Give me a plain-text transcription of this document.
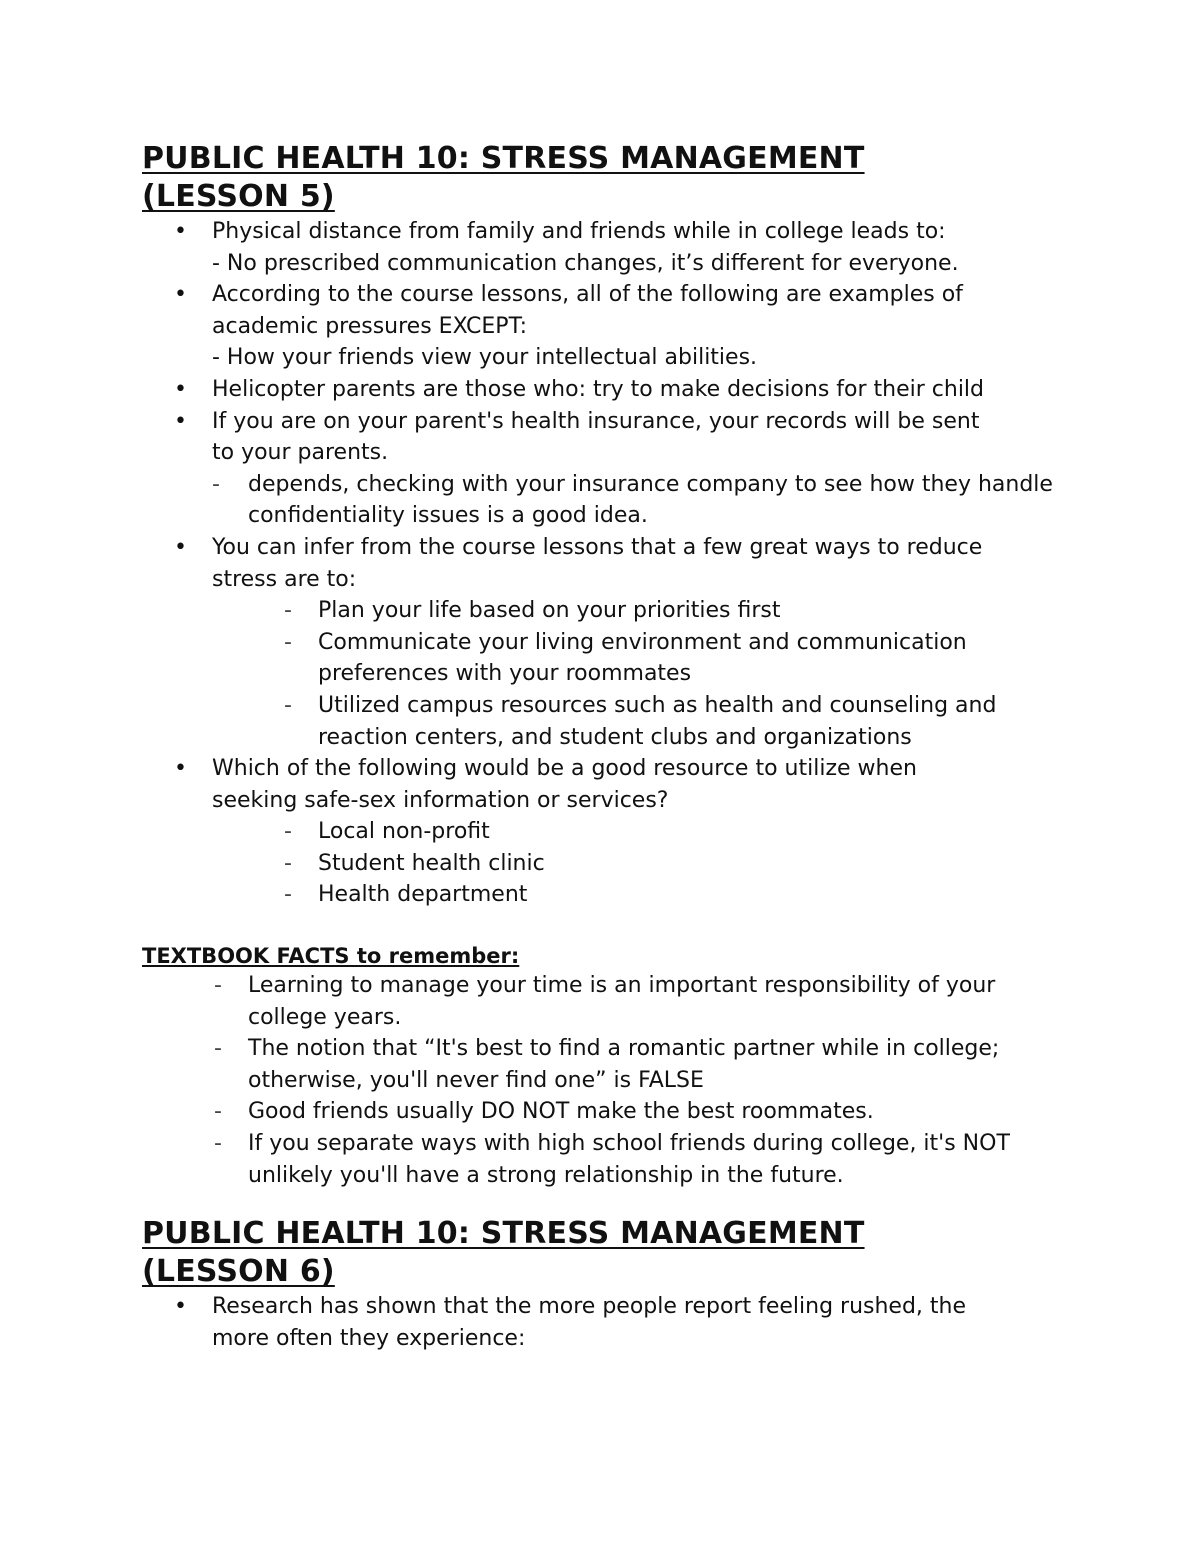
PUBLIC HEALTH 10: STRESS MANAGEMENT
(LESSON 5)
• Physical distance from family and friends while in college leads to:
- No prescribed communication changes, it’s different for everyone.
• According to the course lessons, all of the following are examples of
academic pressures EXCEPT:
- How your friends view your intellectual abilities.
• Helicopter parents are those who: try to make decisions for their child
• If you are on your parent's health insurance, your records will be sent
to your parents.
- depends, checking with your insurance company to see how they handle confidentiality issues is a good idea.
• You can infer from the course lessons that a few great ways to reduce
stress are to:
- Plan your life based on your priorities first
- Communicate your living environment and communication preferences with your roommates
- Utilized campus resources such as health and counseling and reaction centers, and student clubs and organizations
• Which of the following would be a good resource to utilize when
seeking safe-sex information or services?
- Local non-profit
- Student health clinic
- Health department
TEXTBOOK FACTS to remember:
- Learning to manage your time is an important responsibility of your college years.
- The notion that “It's best to find a romantic partner while in college; otherwise, you'll never find one” is FALSE
- Good friends usually DO NOT make the best roommates.
- If you separate ways with high school friends during college, it's NOT unlikely you'll have a strong relationship in the future.
PUBLIC HEALTH 10: STRESS MANAGEMENT
(LESSON 6)
• Research has shown that the more people report feeling rushed, the
more often they experience:
